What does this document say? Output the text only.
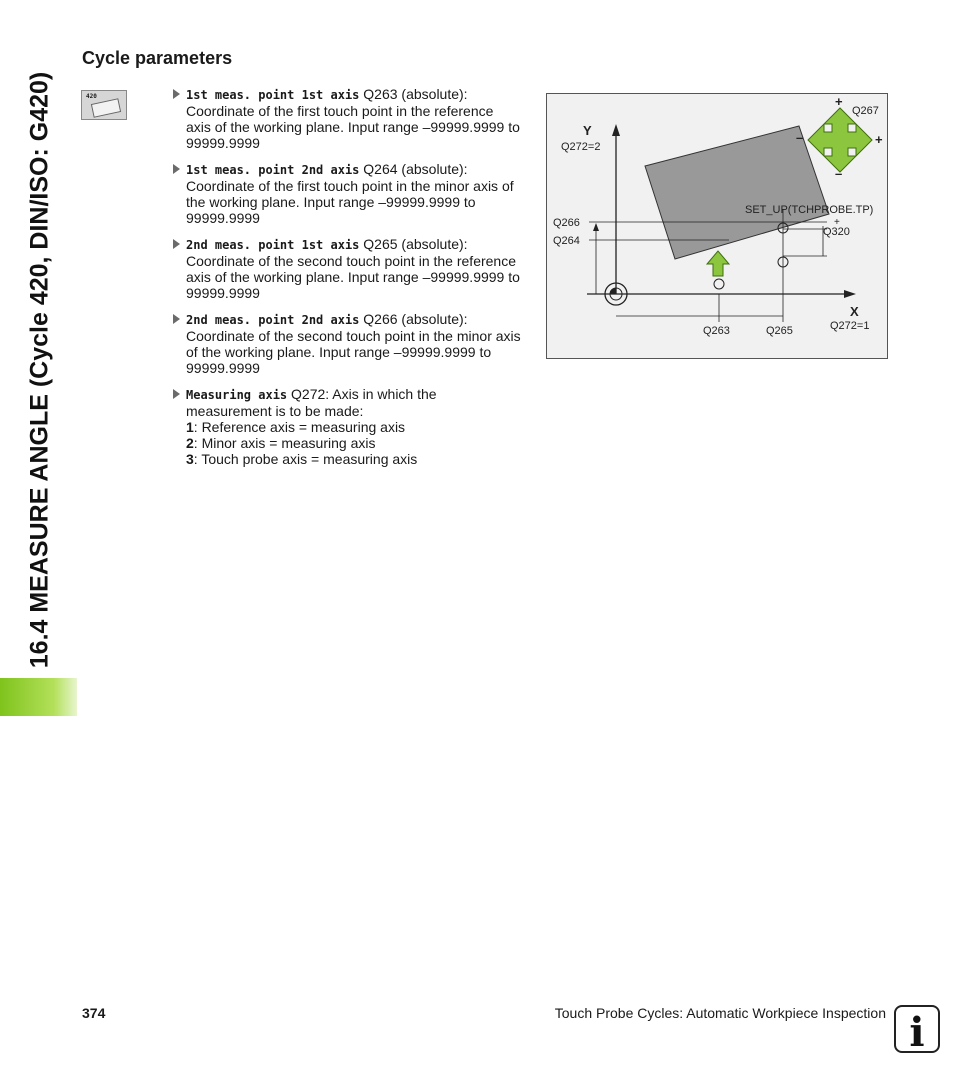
16.4 MEASURE ANGLE (Cycle 420, DIN/ISO: G420)
Cycle parameters
420	1st meas. point 1st axis Q263 (absolute):
Coordinate of the first touch point in the reference
axis of the working plane. Input range –99999.9999 to
99999.9999
1st meas. point 2nd axis Q264 (absolute):
Coordinate of the first touch point in the minor axis of
the working plane. Input range –99999.9999 to
99999.9999
2nd meas. point 1st axis Q265 (absolute):
Coordinate of the second touch point in the reference
axis of the working plane. Input range –99999.9999 to
99999.9999
2nd meas. point 2nd axis Q266 (absolute):
Coordinate of the second touch point in the minor axis
of the working plane. Input range –99999.9999 to
99999.9999
Measuring axis Q272: Axis in which the
measurement is to be made:
1: Reference axis = measuring axis
2: Minor axis = measuring axis
3: Touch probe axis = measuring axis
Y
X
Q272=2
Q272=1
Q266
Q264
Q263	Q265
Q267
Q320
SET_UP(TCHPROBE.TP)
+
+
+
–
–
374	Touch Probe Cycles: Automatic Workpiece Inspection i
